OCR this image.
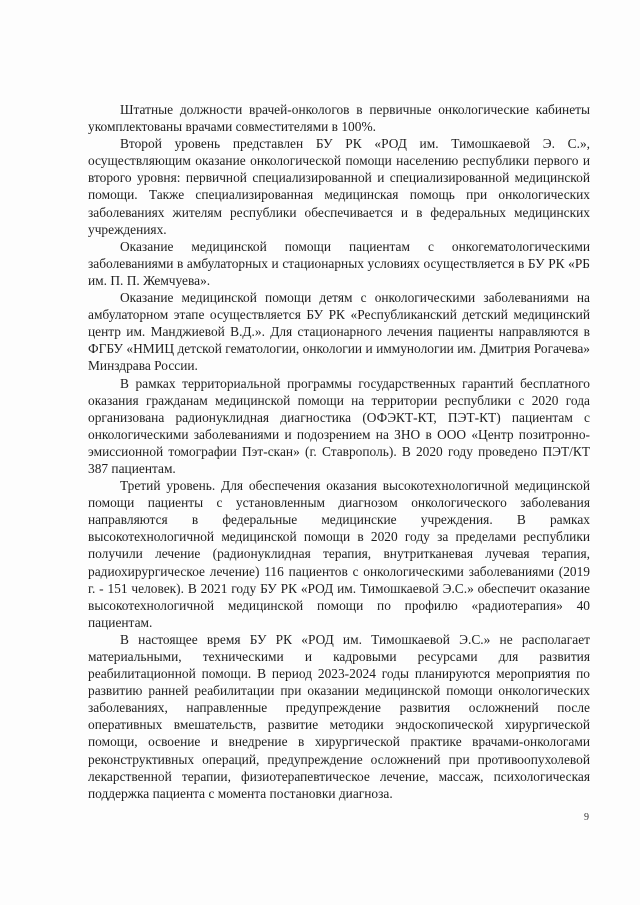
Штатные должности врачей-онкологов в первичные онкологические кабинеты укомплектованы врачами совместителями в 100%.

Второй уровень представлен БУ РК «РОД им. Тимошкаевой Э. С.», осуществляющим оказание онкологической помощи населению республики первого и второго уровня: первичной специализированной и специализированной медицинской помощи. Также специализированная медицинская помощь при онкологических заболеваниях жителям республики обеспечивается и в федеральных медицинских учреждениях.

Оказание медицинской помощи пациентам с онкогематологическими заболеваниями в амбулаторных и стационарных условиях осуществляется в БУ РК «РБ им. П. П. Жемчуева».

Оказание медицинской помощи детям с онкологическими заболеваниями на амбулаторном этапе осуществляется БУ РК «Республиканский детский медицинский центр им. Манджиевой В.Д.». Для стационарного лечения пациенты направляются в ФГБУ «НМИЦ детской гематологии, онкологии и иммунологии им. Дмитрия Рогачева» Минздрава России.

В рамках территориальной программы государственных гарантий бесплатного оказания гражданам медицинской помощи на территории республики с 2020 года организована радионуклидная диагностика (ОФЭКТ-КТ, ПЭТ-КТ) пациентам с онкологическими заболеваниями и подозрением на ЗНО в ООО «Центр позитронно-эмиссионной томографии Пэт-скан» (г. Ставрополь). В 2020 году проведено ПЭТ/КТ 387 пациентам.

Третий уровень. Для обеспечения оказания высокотехнологичной медицинской помощи пациенты с установленным диагнозом онкологического заболевания направляются в федеральные медицинские учреждения. В рамках высокотехнологичной медицинской помощи в 2020 году за пределами республики получили лечение (радионуклидная терапия, внутритканевая лучевая терапия, радиохирургическое лечение) 116 пациентов с онкологическими заболеваниями (2019 г. - 151 человек). В 2021 году БУ РК «РОД им. Тимошкаевой Э.С.» обеспечит оказание высокотехнологичной медицинской помощи по профилю «радиотерапия» 40 пациентам.

В настоящее время БУ РК «РОД им. Тимошкаевой Э.С.» не располагает материальными, техническими и кадровыми ресурсами для развития реабилитационной помощи. В период 2023-2024 годы планируются мероприятия по развитию ранней реабилитации при оказании медицинской помощи онкологических заболеваниях, направленные предупреждение развития осложнений после оперативных вмешательств, развитие методики эндоскопической хирургической помощи, освоение и внедрение в хирургической практике врачами-онкологами реконструктивных операций, предупреждение осложнений при противоопухолевой лекарственной терапии, физиотерапевтическое лечение, массаж, психологическая поддержка пациента с момента постановки диагноза.

9
